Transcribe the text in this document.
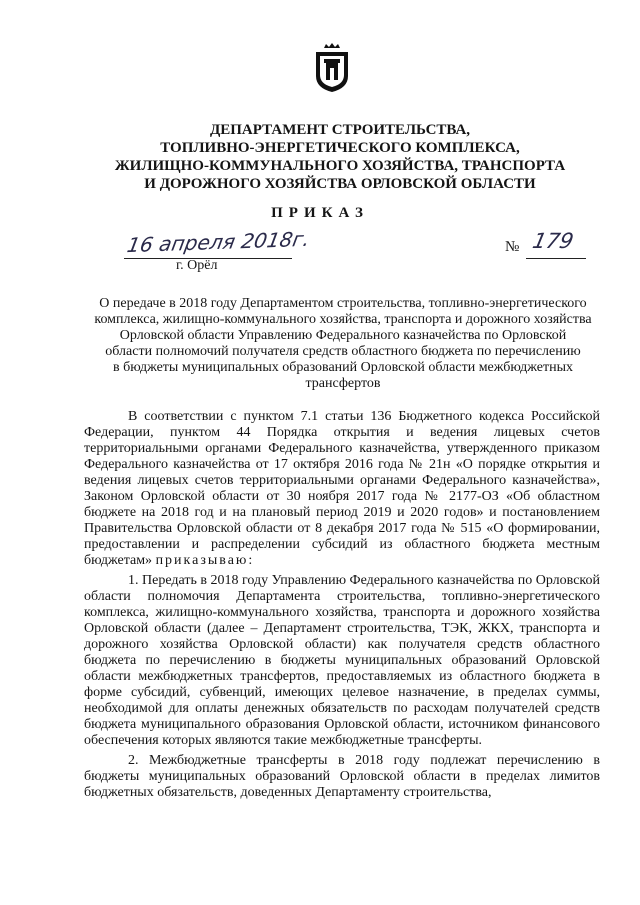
ДЕПАРТАМЕНТ СТРОИТЕЛЬСТВА,
ТОПЛИВНО-ЭНЕРГЕТИЧЕСКОГО КОМПЛЕКСА,
ЖИЛИЩНО-КОММУНАЛЬНОГО ХОЗЯЙСТВА, ТРАНСПОРТА
И ДОРОЖНОГО ХОЗЯЙСТВА ОРЛОВСКОЙ ОБЛАСТИ
ПРИКАЗ
16 апреля 2018г.
г. Орёл
№ 179
О передаче в 2018 году Департаментом строительства, топливно-энергетического
комплекса, жилищно-коммунального хозяйства, транспорта и дорожного хозяйства
Орловской области Управлению Федерального казначейства по Орловской
области полномочий получателя средств областного бюджета по перечислению
в бюджеты муниципальных образований Орловской области межбюджетных
трансфертов

В соответствии с пунктом 7.1 статьи 136 Бюджетного кодекса Российской Федерации, пунктом 44 Порядка открытия и ведения лицевых счетов территориальными органами Федерального казначейства, утвержденного приказом Федерального казначейства от 17 октября 2016 года № 21н «О порядке открытия и ведения лицевых счетов территориальными органами Федерального казначейства», Законом Орловской области от 30 ноября 2017 года № 2177-ОЗ «Об областном бюджете на 2018 год и на плановый период 2019 и 2020 годов» и постановлением Правительства Орловской области от 8 декабря 2017 года № 515 «О формировании, предоставлении и распределении субсидий из областного бюджета местным бюджетам» приказываю:

1. Передать в 2018 году Управлению Федерального казначейства по Орловской области полномочия Департамента строительства, топливно-энергетического комплекса, жилищно-коммунального хозяйства, транспорта и дорожного хозяйства Орловской области (далее – Департамент строительства, ТЭК, ЖКХ, транспорта и дорожного хозяйства Орловской области) как получателя средств областного бюджета по перечислению в бюджеты муниципальных образований Орловской области межбюджетных трансфертов, предоставляемых из областного бюджета в форме субсидий, субвенций, имеющих целевое назначение, в пределах суммы, необходимой для оплаты денежных обязательств по расходам получателей средств бюджета муниципального образования Орловской области, источником финансового обеспечения которых являются такие межбюджетные трансферты.

2. Межбюджетные трансферты в 2018 году подлежат перечислению в бюджеты муниципальных образований Орловской области в пределах лимитов бюджетных обязательств, доведенных Департаменту строительства,
